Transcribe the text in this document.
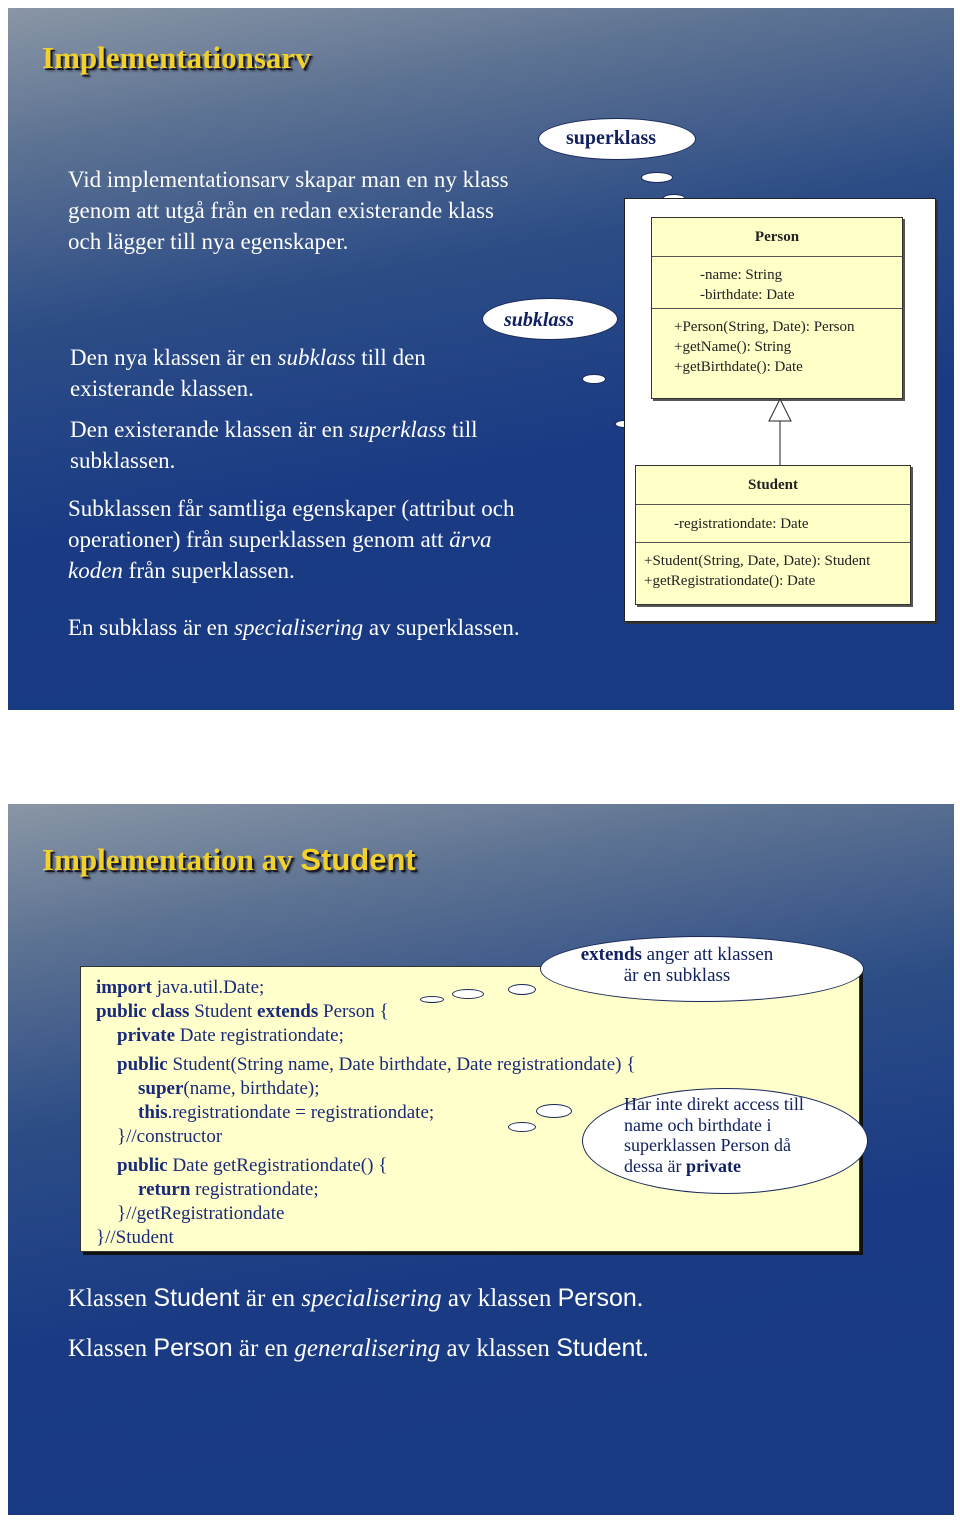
Implementationsarv
Vid implementationsarv skapar man en ny klass
genom att utgå från en redan existerande klass
och lägger till nya egenskaper.
Den nya klassen är en subklass till den
existerande klassen.
Den existerande klassen är en superklass till
subklassen.
Subklassen får samtliga egenskaper (attribut och
operationer) från superklassen genom att ärva
koden från superklassen.
En subklass är en specialisering av superklassen.
superklass
subklass
Person
-name: String
-birthdate: Date
+Person(String, Date): Person
+getName(): String
+getBirthdate(): Date
Student
-registrationdate: Date
+Student(String, Date, Date): Student
+getRegistrationdate(): Date
Implementation av Student
import java.util.Date;
public class Student extends Person {
private Date registrationdate;
public Student(String name, Date birthdate, Date registrationdate) {
super(name, birthdate);
this.registrationdate = registrationdate;
}//constructor
public Date getRegistrationdate() {
return registrationdate;
}//getRegistrationdate
}//Student
extends anger att klassen
är en subklass
Har inte direkt access till
name och birthdate i
superklassen Person då
dessa är private
Klassen Student är en specialisering av klassen Person.
Klassen Person är en generalisering av klassen Student.
